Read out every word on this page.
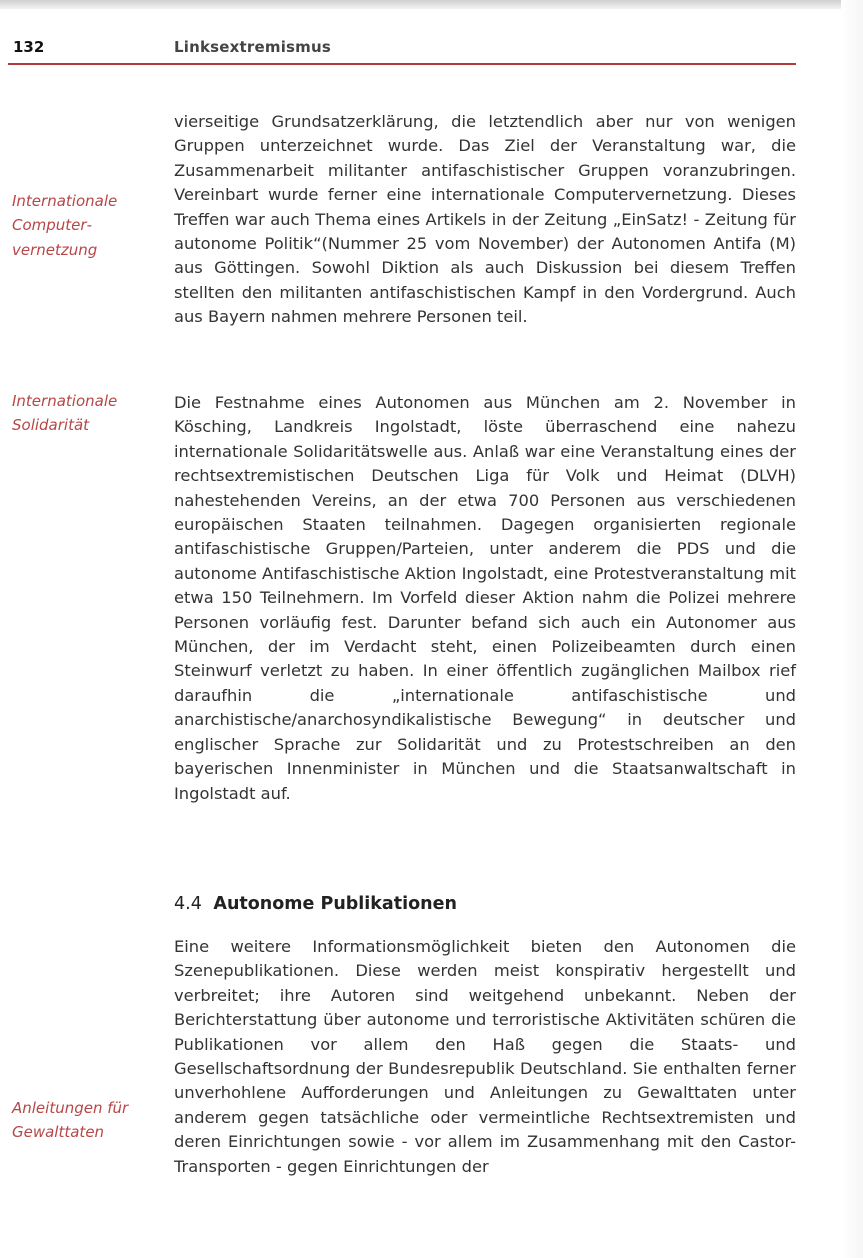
132	Linksextremismus
Internationale Computervernetzung
Internationale Solidarität
Anleitungen für Gewalttaten
vierseitige Grundsatzerklärung, die letztendlich aber nur von wenigen Gruppen unterzeichnet wurde. Das Ziel der Veranstaltung war, die Zusammenarbeit militanter antifaschistischer Gruppen voranzubringen. Vereinbart wurde ferner eine internationale Computervernetzung. Dieses Treffen war auch Thema eines Artikels in der Zeitung „EinSatz! - Zeitung für autonome Politik“(Nummer 25 vom November) der Autonomen Antifa (M) aus Göttingen. Sowohl Diktion als auch Diskussion bei diesem Treffen stellten den militanten antifaschistischen Kampf in den Vordergrund. Auch aus Bayern nahmen mehrere Personen teil.
Die Festnahme eines Autonomen aus München am 2. November in Kösching, Landkreis Ingolstadt, löste überraschend eine nahezu internationale Solidaritätswelle aus. Anlaß war eine Veranstaltung eines der rechtsextremistischen Deutschen Liga für Volk und Heimat (DLVH) nahestehenden Vereins, an der etwa 700 Personen aus verschiedenen europäischen Staaten teilnahmen. Dagegen organisierten regionale antifaschistische Gruppen/Parteien, unter anderem die PDS und die autonome Antifaschistische Aktion Ingolstadt, eine Protestveranstaltung mit etwa 150 Teilnehmern. Im Vorfeld dieser Aktion nahm die Polizei mehrere Personen vorläufig fest. Darunter befand sich auch ein Autonomer aus München, der im Verdacht steht, einen Polizeibeamten durch einen Steinwurf verletzt zu haben. In einer öffentlich zugänglichen Mailbox rief daraufhin die „internationale antifaschistische und anarchistische/anarchosyndikalistische Bewegung“ in deutscher und englischer Sprache zur Solidarität und zu Protestschreiben an den bayerischen Innenminister in München und die Staatsanwaltschaft in Ingolstadt auf.
4.4 Autonome Publikationen
Eine weitere Informationsmöglichkeit bieten den Autonomen die Szenepublikationen. Diese werden meist konspirativ hergestellt und verbreitet; ihre Autoren sind weitgehend unbekannt. Neben der Berichterstattung über autonome und terroristische Aktivitäten schüren die Publikationen vor allem den Haß gegen die Staats- und Gesellschaftsordnung der Bundesrepublik Deutschland. Sie enthalten ferner unverhohlene Aufforderungen und Anleitungen zu Gewalttaten unter anderem gegen tatsächliche oder vermeintliche Rechtsextremisten und deren Einrichtungen sowie - vor allem im Zusammenhang mit den Castor-Transporten - gegen Einrichtungen der
